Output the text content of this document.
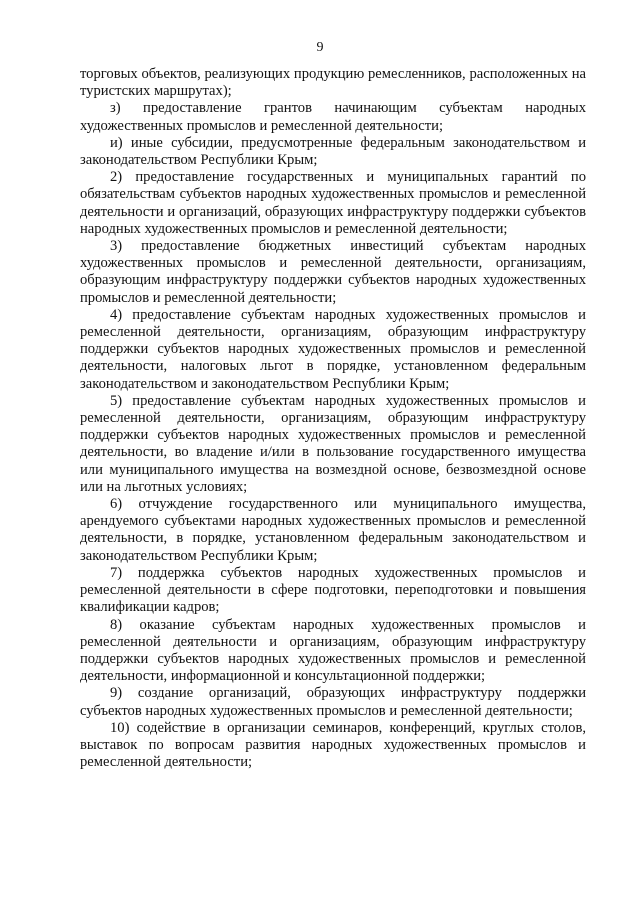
9

торговых объектов, реализующих продукцию ремесленников, расположенных на туристских маршрутах);

з) предоставление грантов начинающим субъектам народных художественных промыслов и ремесленной деятельности;

и) иные субсидии, предусмотренные федеральным законодательством и законодательством Республики Крым;

2) предоставление государственных и муниципальных гарантий по обязательствам субъектов народных художественных промыслов и ремесленной деятельности и организаций, образующих инфраструктуру поддержки субъектов народных художественных промыслов и ремесленной деятельности;

3) предоставление бюджетных инвестиций субъектам народных художественных промыслов и ремесленной деятельности, организациям, образующим инфраструктуру поддержки субъектов народных художественных промыслов и ремесленной деятельности;

4) предоставление субъектам народных художественных промыслов и ремесленной деятельности, организациям, образующим инфраструктуру поддержки субъектов народных художественных промыслов и ремесленной деятельности, налоговых льгот в порядке, установленном федеральным законодательством и законодательством Республики Крым;

5) предоставление субъектам народных художественных промыслов и ремесленной деятельности, организациям, образующим инфраструктуру поддержки субъектов народных художественных промыслов и ремесленной деятельности, во владение и/или в пользование государственного имущества или муниципального имущества на возмездной основе, безвозмездной основе или на льготных условиях;

6) отчуждение государственного или муниципального имущества, арендуемого субъектами народных художественных промыслов и ремесленной деятельности, в порядке, установленном федеральным законодательством и законодательством Республики Крым;

7) поддержка субъектов народных художественных промыслов и ремесленной деятельности в сфере подготовки, переподготовки и повышения квалификации кадров;

8) оказание субъектам народных художественных промыслов и ремесленной деятельности и организациям, образующим инфраструктуру поддержки субъектов народных художественных промыслов и ремесленной деятельности, информационной и консультационной поддержки;

9) создание организаций, образующих инфраструктуру поддержки субъектов народных художественных промыслов и ремесленной деятельности;

10) содействие в организации семинаров, конференций, круглых столов, выставок по вопросам развития народных художественных промыслов и ремесленной деятельности;
